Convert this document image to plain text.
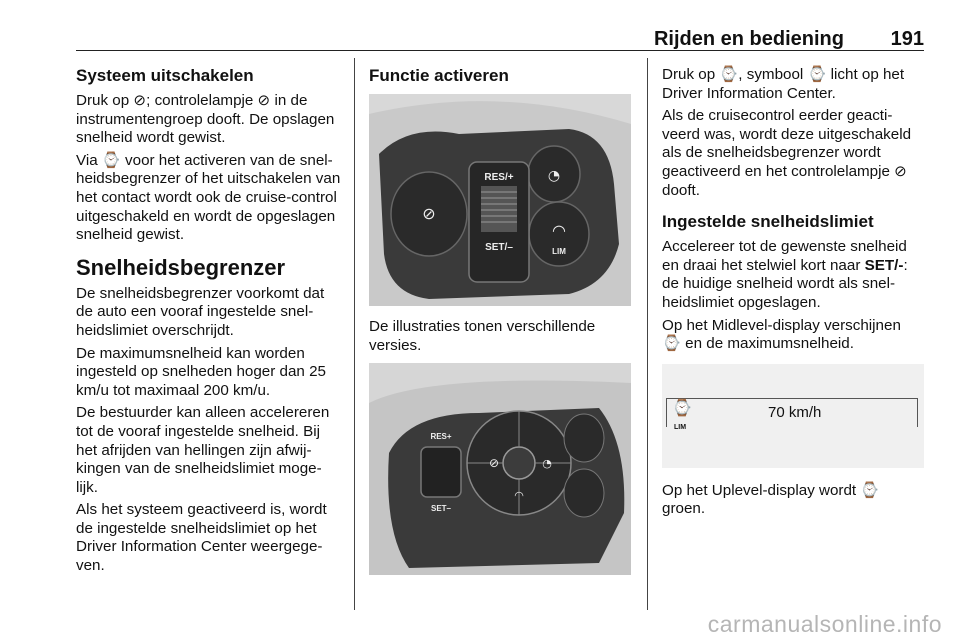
Rijden en bediening 191
Systeem uitschakelen

Druk op ⊘; controlelampje ⊘ in de instrumentengroep dooft. De opslagen snelheid wordt gewist.

Via ⌚ voor het activeren van de snel-heidsbegrenzer of het uitschakelen van het contact wordt ook de cruise-control uitgeschakeld en wordt de opgeslagen snelheid gewist.

Snelheidsbegrenzer

De snelheidsbegrenzer voorkomt dat de auto een vooraf ingestelde snel-heidslimiet overschrijdt.

De maximumsnelheid kan worden ingesteld op snelheden hoger dan 25 km/u tot maximaal 200 km/u.

De bestuurder kan alleen accelereren tot de vooraf ingestelde snelheid. Bij het afrijden van hellingen zijn afwij-kingen van de snelheidslimiet moge-lijk.

Als het systeem geactiveerd is, wordt de ingestelde snelheidslimiet op het Driver Information Center weergege-ven.

Functie activeren
⊘
◔
◠
LIM
RES/+
SET/–

De illustraties tonen verschillende versies.

⊘	◔
◠
RES+
SET–

Druk op ⌚, symbool ⌚ licht op het Driver Information Center.

Als de cruisecontrol eerder geacti-veerd was, wordt deze uitgeschakeld als de snelheidsbegrenzer wordt geactiveerd en het controlelampje ⊘ dooft.

Ingestelde snelheidslimiet

Accelereer tot de gewenste snelheid en draai het stelwiel kort naar SET/-: de huidige snelheid wordt als snel-heidslimiet opgeslagen.

Op het Midlevel-display verschijnen ⌚ en de maximumsnelheid.

⌚
LIM
70 km/h

Op het Uplevel-display wordt ⌚ groen.

carmanualsonline.info
